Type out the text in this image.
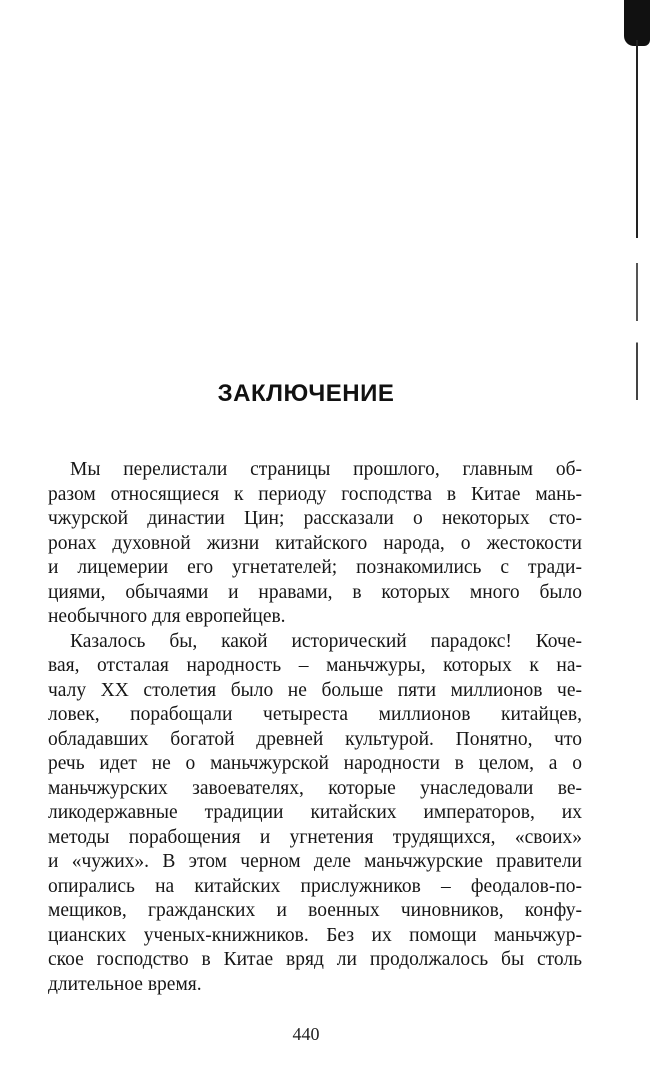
ЗАКЛЮЧЕНИЕ

Мы перелистали страницы прошлого, главным об-
разом относящиеся к периоду господства в Китае мань-
чжурской династии Цин; рассказали о некоторых сто-
ронах духовной жизни китайского народа, о жестокости
и лицемерии его угнетателей; познакомились с тради-
циями, обычаями и нравами, в которых много было
необычного для европейцев.

Казалось бы, какой исторический парадокс! Коче-
вая, отсталая народность – маньчжуры, которых к на-
чалу XX столетия было не больше пяти миллионов че-
ловек, порабощали четыреста миллионов китайцев,
обладавших богатой древней культурой. Понятно, что
речь идет не о маньчжурской народности в целом, а о
маньчжурских завоевателях, которые унаследовали ве-
ликодержавные традиции китайских императоров, их
методы порабощения и угнетения трудящихся, «своих»
и «чужих». В этом черном деле маньчжурские правители
опирались на китайских прислужников – феодалов-по-
мещиков, гражданских и военных чиновников, конфу-
цианских ученых-книжников. Без их помощи маньчжур-
ское господство в Китае вряд ли продолжалось бы столь
длительное время.

440
